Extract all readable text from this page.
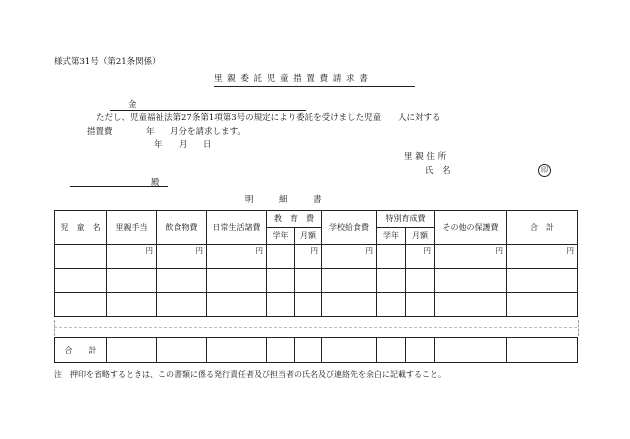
様式第31号（第21条関係）
里 親 委 託 児 童 措 置 費 請 求 書
金
ただし、児童福祉法第27条第1項第3号の規定により委託を受けました児童 人に対する
措置費	年 月分を請求します。
年 月 日
里 親 住 所
氏　名	印
殿
明　　　細　　　書
児　童　名	里親手当	飲食物費	日常生活諸費	教　育　費		学校給食費	特別育成費		その他の保護費	合　計
				学年	月額		学年	月額		
	円	円	円		円	円		円	円	円

合　　計										
注　押印を省略するときは、この書類に係る発行責任者及び担当者の氏名及び連絡先を余白に記載すること。
